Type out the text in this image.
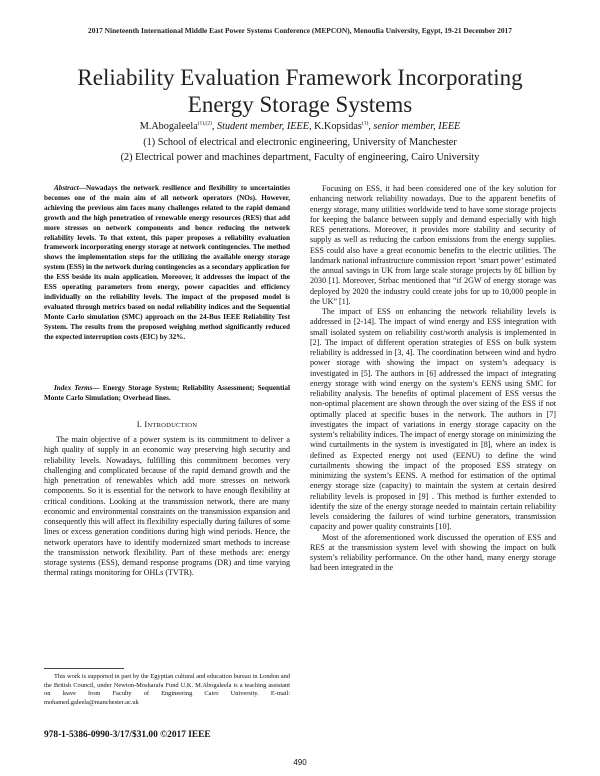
2017 Nineteenth International Middle East Power Systems Conference (MEPCON), Menoufia University, Egypt, 19-21 December 2017
Reliability Evaluation Framework Incorporating
Energy Storage Systems
M.Abogaleela$^{(1),(2)}$, Student member, IEEE, K.Kopsidas$^{(1)}$, senior member, IEEE
(1) School of electrical and electronic engineering, University of Manchester
(2) Electrical power and machines department, Faculty of engineering, Cairo University

Abstract—Nowadays the network resilience and flexibility to uncertainties becomes one of the main aim of all network operators (NOs). However, achieving the previous aim faces many challenges related to the rapid demand growth and the high penetration of renewable energy resources (RES) that add more stresses on network components and hence reducing the network reliability levels. To that extent, this paper proposes a reliability evaluation framework incorporating energy storage at network contingencies. The method shows the implementation steps for the utilizing the available energy storage system (ESS) in the network during contingencies as a secondary application for the ESS beside its main application. Moreover, it addresses the impact of the ESS operating parameters from energy, power capacities and efficiency individually on the reliability levels. The impact of the proposed model is evaluated through metrics based on nodal reliability indices and the Sequential Monte Carlo simulation (SMC) approach on the 24-Bus IEEE Reliability Test System. The results from the proposed weighing method significantly reduced the expected interruption costs (EIC) by 32%.

Index Terms— Energy Storage System; Reliability Assessment; Sequential Monte Carlo Simulation; Overhead lines.

I. INTRODUCTION

The main objective of a power system is its commitment to deliver a high quality of supply in an economic way preserving high security and reliability levels. Nowadays, fulfilling this commitment becomes very challenging and complicated because of the rapid demand growth and the high penetration of renewables which add more stresses on network components. So it is essential for the network to have enough flexibility at critical conditions. Looking at the transmission network, there are many economic and environmental constraints on the transmission expansion and consequently this will affect its flexibility especially during failures of some lines or excess generation conditions during high wind periods. Hence, the network operators have to identify modernized smart methods to increase the transmission network flexibility. Part of these methods are: energy storage systems (ESS), demand response programs (DR) and time varying thermal ratings monitoring for OHLs (TVTR).

Focusing on ESS, it had been considered one of the key solution for enhancing network reliability nowadays. Due to the apparent benefits of energy storage, many utilities worldwide tend to have some storage projects for keeping the balance between supply and demand especially with high RES penetrations. Moreover, it provides more stability and security of supply as well as reducing the carbon emissions from the energy supplies. ESS could also have a great economic benefits to the electric utilities. The landmark national infrastructure commission report ‘smart power’ estimated the annual savings in UK from large scale storage projects by 8£ billion by 2030 [1]. Moreover, Strbac mentioned that “if 2GW of energy storage was deployed by 2020 the industry could create jobs for up to 10,000 people in the UK” [1].

The impact of ESS on enhancing the network reliability levels is addressed in [2-14]. The impact of wind energy and ESS integration with small isolated system on reliability cost/worth analysis is implemented in [2]. The impact of different operation strategies of ESS on bulk system reliability is addressed in [3, 4]. The coordination between wind and hydro power storage with showing the impact on system’s adequacy is investigated in [5]. The authors in [6] addressed the impact of integrating energy storage with wind energy on the system’s EENS using SMC for reliability analysis. The benefits of optimal placement of ESS versus the non-optimal placement are shown through the over sizing of the ESS if not optimally placed at specific buses in the network. The authors in [7] investigates the impact of variations in energy storage capacity on the system’s reliability indices. The impact of energy storage on minimizing the wind curtailments in the system is investigated in [8], where an index is defined as Expected energy not used (EENU) to define the wind curtailments showing the impact of the proposed ESS strategy on minimizing the system’s EENS. A method for estimation of the optimal energy storage size (capacity) to maintain the system at certain desired reliability levels is proposed in [9] . This method is further extended to identify the size of the energy storage needed to maintain certain reliability levels considering the failures of wind turbine generators, transmission capacity and power quality constraints [10].

Most of the aforementioned work discussed the operation of ESS and RES at the transmission system level with showing the impact on bulk system’s reliability performance. On the other hand, many energy storage had been integrated in the

This work is supported in part by the Egyptian cultural and education bureau in London and the British Council, under Newton-Mosharafa Fund U.K. M.Abogaleela is a teaching assistant on leave from Faculty of Engineering Cairo University. E-mail: mohamed.galeela@manchester.ac.uk
978-1-5386-0990-3/17/$31.00 ©2017 IEEE
490
